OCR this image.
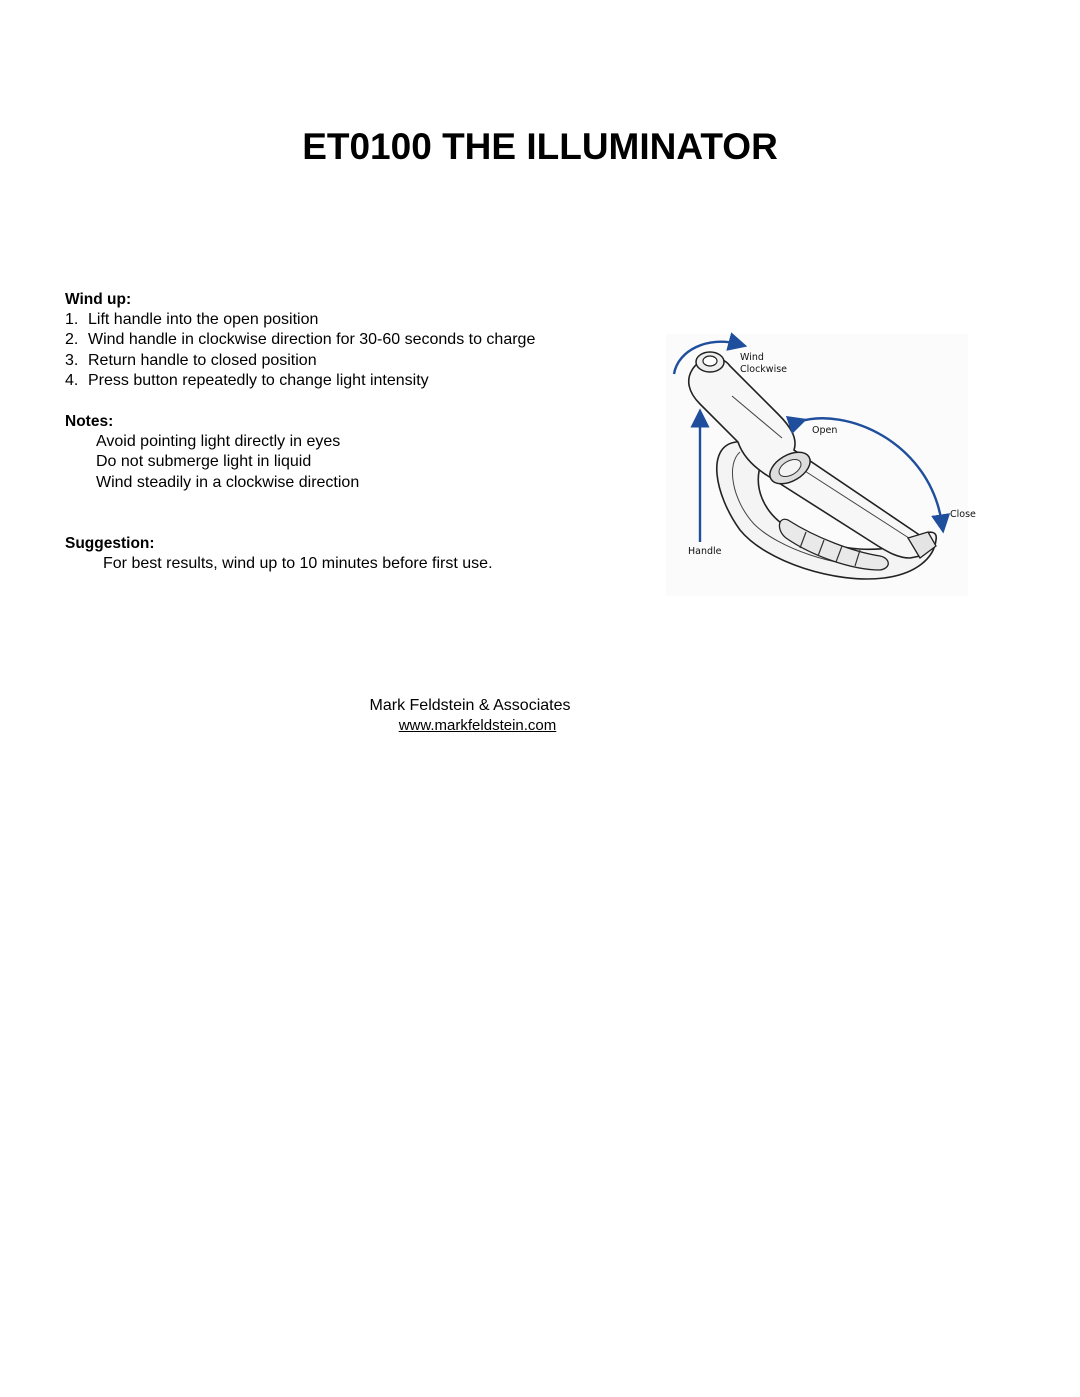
ET0100 THE ILLUMINATOR
Wind up:
1. Lift handle into the open position
2. Wind handle in clockwise direction for 30-60 seconds to charge
3. Return handle to closed position
4. Press button repeatedly to change light intensity
Notes:
Avoid pointing light directly in eyes
Do not submerge light in liquid
Wind steadily in a clockwise direction
Suggestion:

For best results, wind up to 10 minutes before first use.

Wind
Clockwise
Open
Close
Handle
Mark Feldstein & Associates
www.markfeldstein.com
